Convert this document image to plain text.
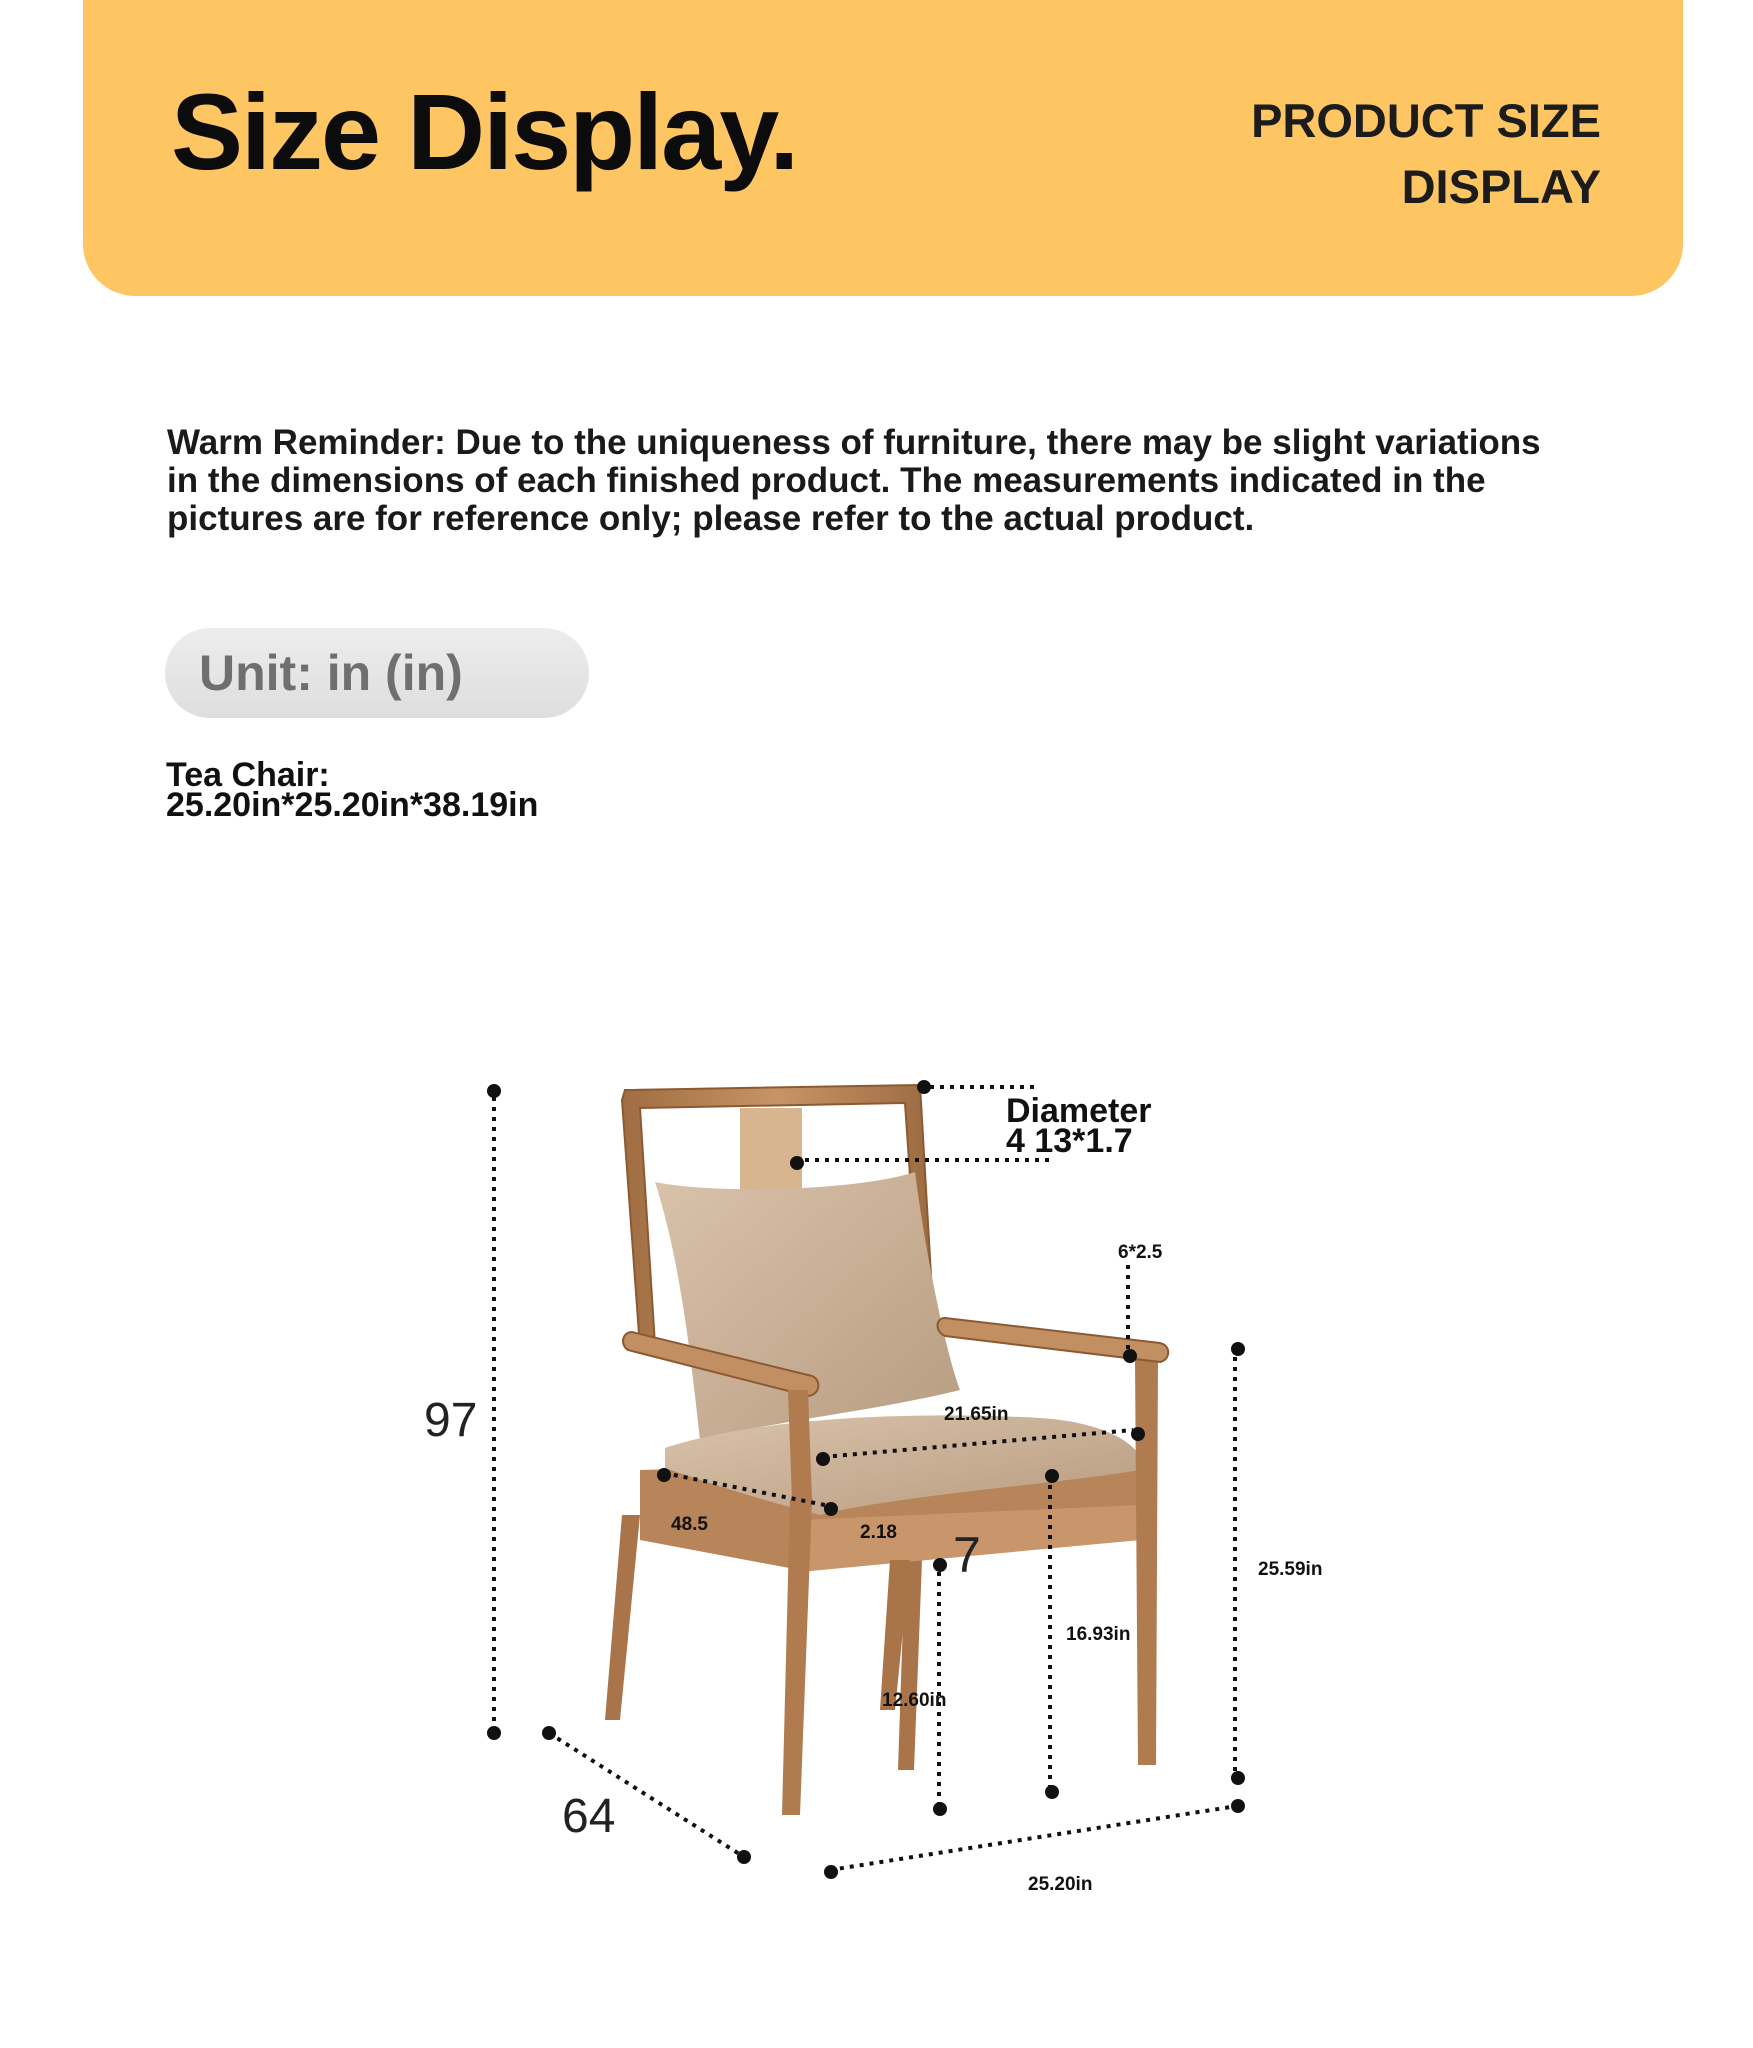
Size Display.	PRODUCT SIZE
DISPLAY
Warm Reminder: Due to the uniqueness of furniture, there may be slight variations
in the dimensions of each finished product. The measurements indicated in the
pictures are for reference only; please refer to the actual product.
Unit: in (in)
Tea Chair:
25.20in*25.20in*38.19in
97
64
Diameter
4 13*1.7
6*2.5
21.65in
48.5	2.18 7	25.59in
16.93in
12.60in
25.20in
